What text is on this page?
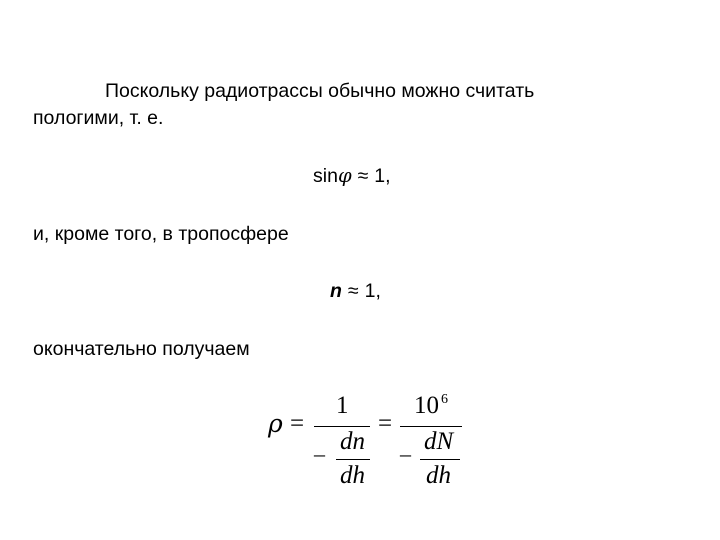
Поскольку радиотрассы обычно можно считать
пологими, т. е.
sinφ ≈ 1,
и, кроме того, в тропосфере
n ≈ 1,
окончательно получаем
ρ =
1
– dn
dh
=
10 6
– dN
dh
